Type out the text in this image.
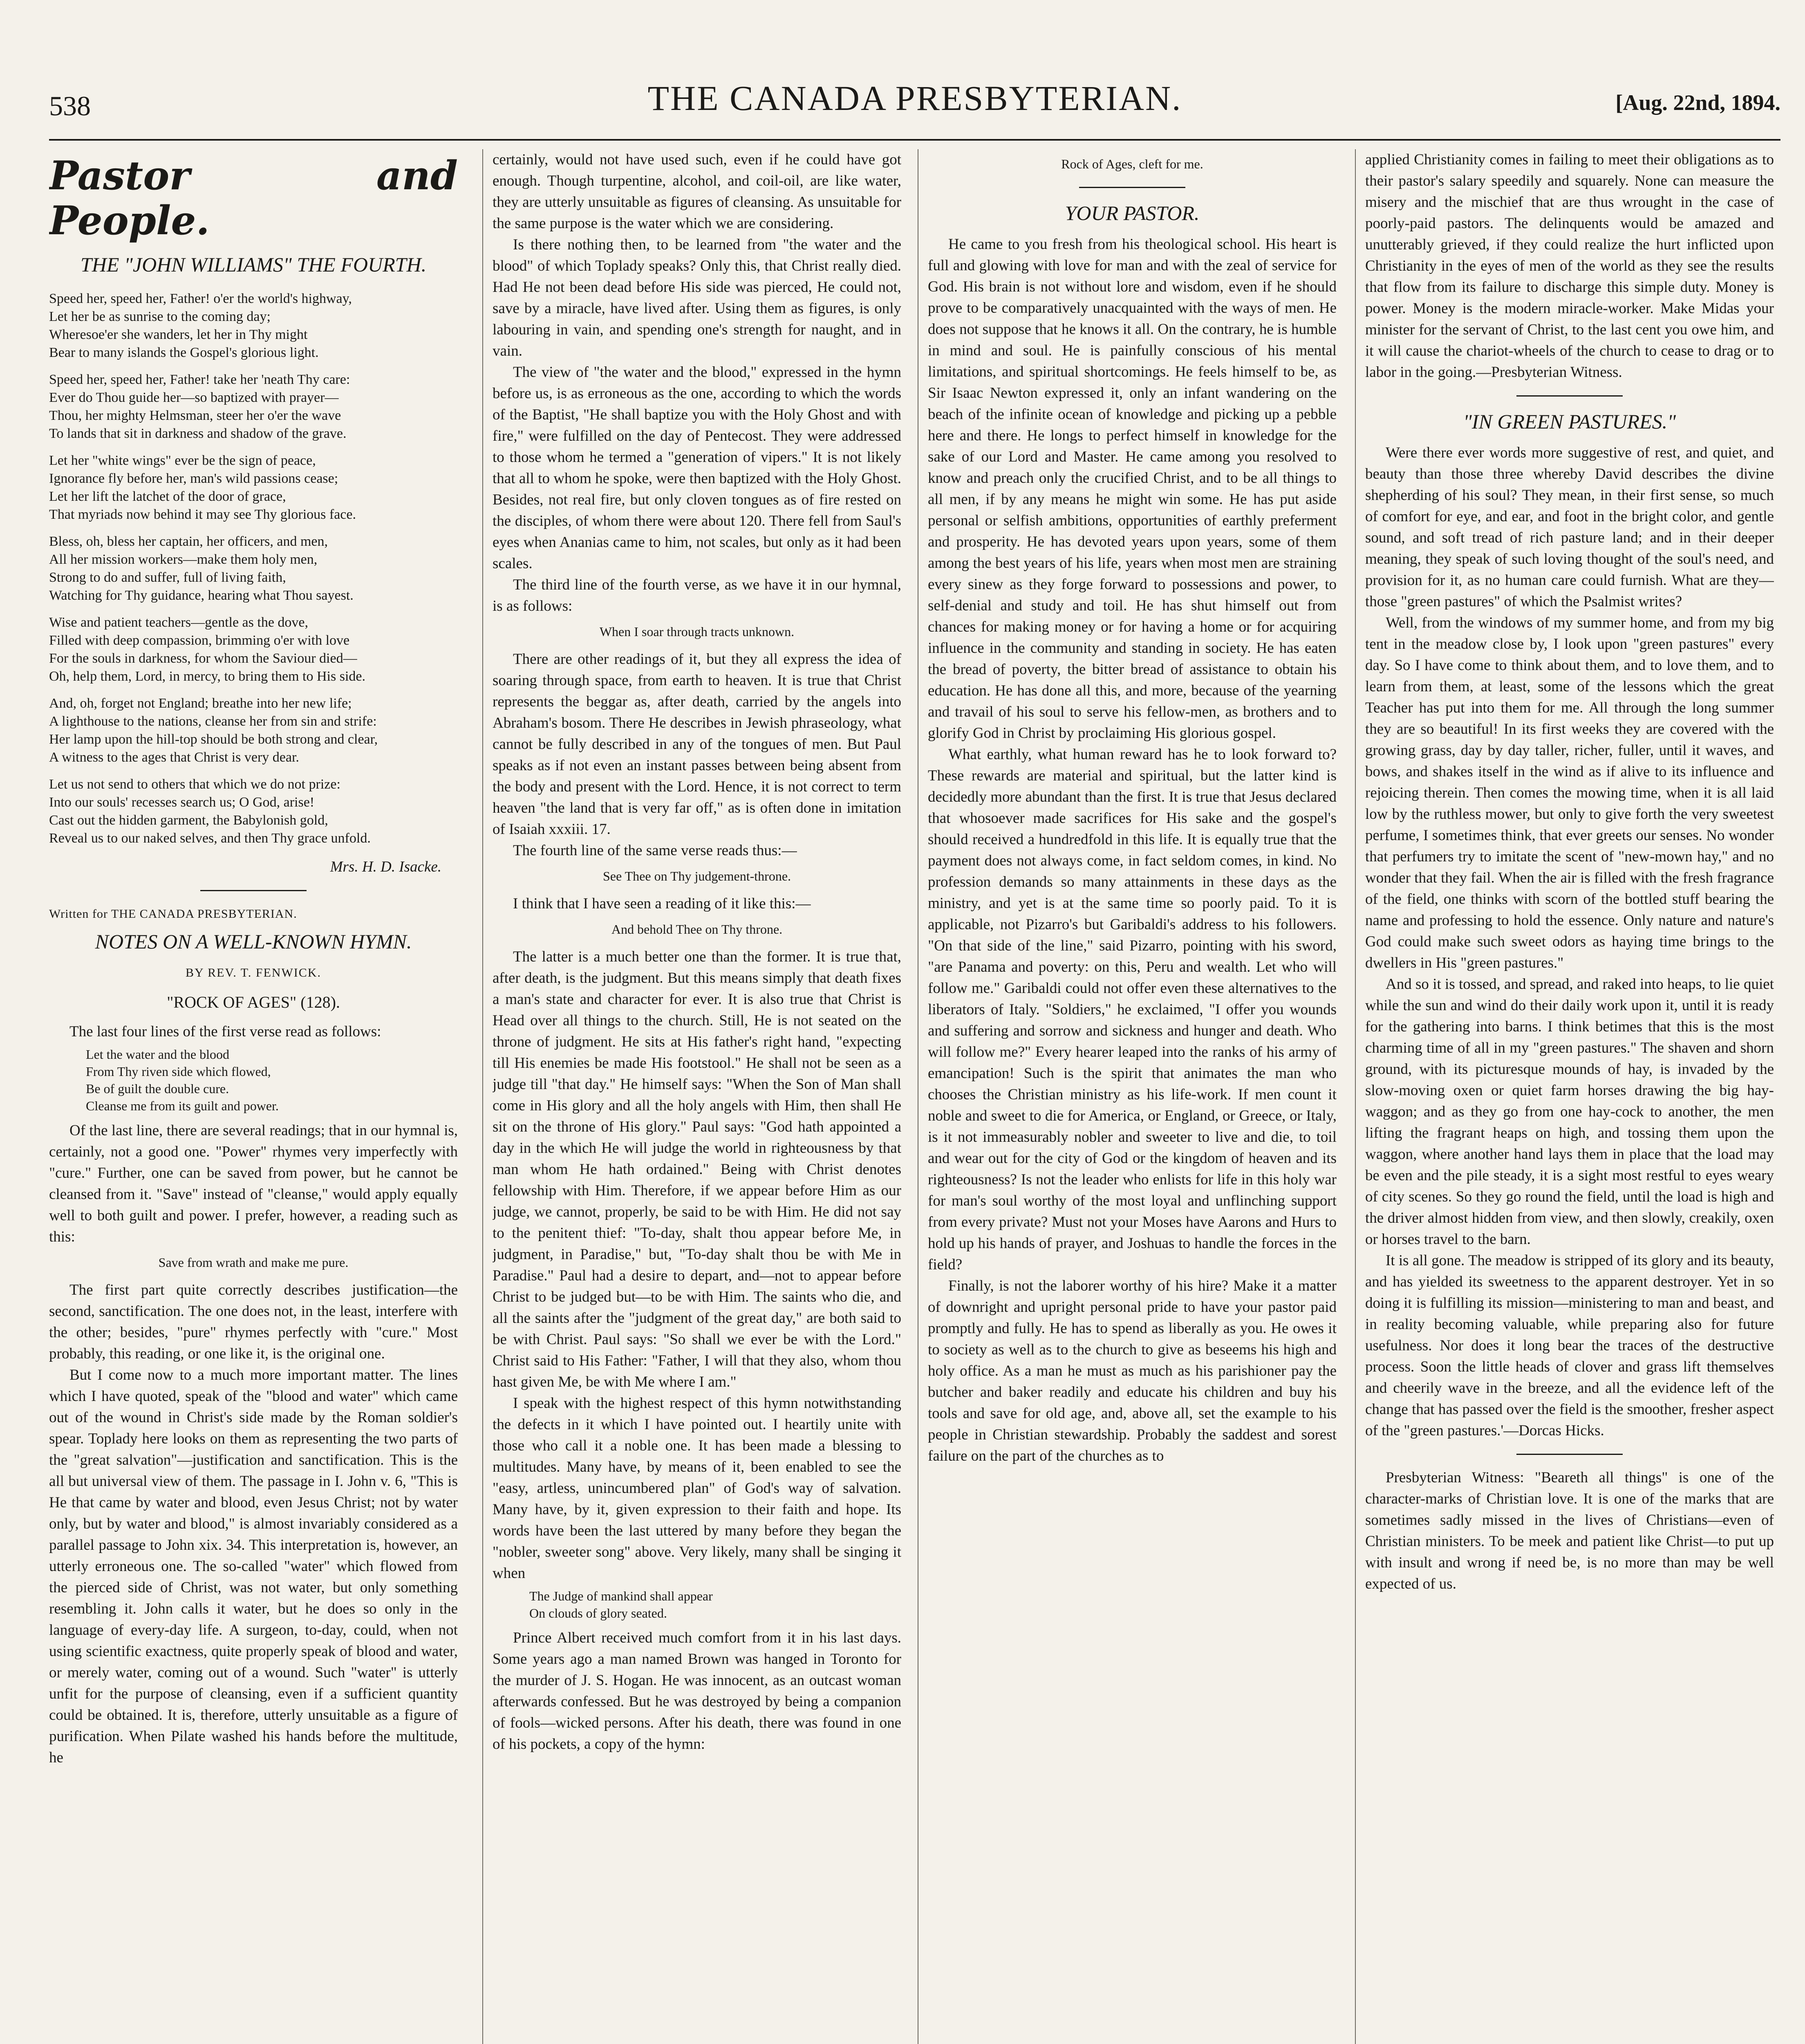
538	THE CANADA PRESBYTERIAN.	[Aug. 22nd, 1894.
Pastor and People.
THE "JOHN WILLIAMS" THE FOURTH.

Speed her, speed her, Father! o'er the world's highway,
Let her be as sunrise to the coming day;
Wheresoe'er she wanders, let her in Thy might
Bear to many islands the Gospel's glorious light.

Speed her, speed her, Father! take her 'neath Thy care:
Ever do Thou guide her—so baptized with prayer—
Thou, her mighty Helmsman, steer her o'er the wave
To lands that sit in darkness and shadow of the grave.

Let her "white wings" ever be the sign of peace,
Ignorance fly before her, man's wild passions cease;
Let her lift the latchet of the door of grace,
That myriads now behind it may see Thy glorious face.

Bless, oh, bless her captain, her officers, and men,
All her mission workers—make them holy men,
Strong to do and suffer, full of living faith,
Watching for Thy guidance, hearing what Thou sayest.

Wise and patient teachers—gentle as the dove,
Filled with deep compassion, brimming o'er with love
For the souls in darkness, for whom the Saviour died—
Oh, help them, Lord, in mercy, to bring them to His side.

And, oh, forget not England; breathe into her new life;
A lighthouse to the nations, cleanse her from sin and strife:
Her lamp upon the hill-top should be both strong and clear,
A witness to the ages that Christ is very dear.

Let us not send to others that which we do not prize:
Into our souls' recesses search us; O God, arise!
Cast out the hidden garment, the Babylonish gold,
Reveal us to our naked selves, and then Thy grace unfold.

Mrs. H. D. Isacke.
Written for THE CANADA PRESBYTERIAN.
NOTES ON A WELL-KNOWN HYMN.
BY REV. T. FENWICK.
"ROCK OF AGES" (128).

The last four lines of the first verse read as follows:

Let the water and the blood
From Thy riven side which flowed,
Be of guilt the double cure.
Cleanse me from its guilt and power.

Of the last line, there are several readings; that in our hymnal is, certainly, not a good one. "Power" rhymes very imperfectly with "cure." Further, one can be saved from power, but he cannot be cleansed from it. "Save" instead of "cleanse," would apply equally well to both guilt and power. I prefer, however, a reading such as this:

Save from wrath and make me pure.

The first part quite correctly describes justification—the second, sanctification. The one does not, in the least, interfere with the other; besides, "pure" rhymes perfectly with "cure." Most probably, this reading, or one like it, is the original one.

But I come now to a much more important matter. The lines which I have quoted, speak of the "blood and water" which came out of the wound in Christ's side made by the Roman soldier's spear. Toplady here looks on them as representing the two parts of the "great salvation"—justification and sanctification. This is the all but universal view of them. The passage in I. John v. 6, "This is He that came by water and blood, even Jesus Christ; not by water only, but by water and blood," is almost invariably considered as a parallel passage to John xix. 34. This interpretation is, however, an utterly erroneous one. The so-called "water" which flowed from the pierced side of Christ, was not water, but only something resembling it. John calls it water, but he does so only in the language of every-day life. A surgeon, to-day, could, when not using scientific exactness, quite properly speak of blood and water, or merely water, coming out of a wound. Such "water" is utterly unfit for the purpose of cleansing, even if a sufficient quantity could be obtained. It is, therefore, utterly unsuitable as a figure of purification. When Pilate washed his hands before the multitude, he

certainly, would not have used such, even if he could have got enough. Though turpentine, alcohol, and coil-oil, are like water, they are utterly unsuitable as figures of cleansing. As unsuitable for the same purpose is the water which we are considering.

Is there nothing then, to be learned from "the water and the blood" of which Toplady speaks? Only this, that Christ really died. Had He not been dead before His side was pierced, He could not, save by a miracle, have lived after. Using them as figures, is only labouring in vain, and spending one's strength for naught, and in vain.

The view of "the water and the blood," expressed in the hymn before us, is as erroneous as the one, according to which the words of the Baptist, "He shall baptize you with the Holy Ghost and with fire," were fulfilled on the day of Pentecost. They were addressed to those whom he termed a "generation of vipers." It is not likely that all to whom he spoke, were then baptized with the Holy Ghost. Besides, not real fire, but only cloven tongues as of fire rested on the disciples, of whom there were about 120. There fell from Saul's eyes when Ananias came to him, not scales, but only as it had been scales.

The third line of the fourth verse, as we have it in our hymnal, is as follows:

When I soar through tracts unknown.

There are other readings of it, but they all express the idea of soaring through space, from earth to heaven. It is true that Christ represents the beggar as, after death, carried by the angels into Abraham's bosom. There He describes in Jewish phraseology, what cannot be fully described in any of the tongues of men. But Paul speaks as if not even an instant passes between being absent from the body and present with the Lord. Hence, it is not correct to term heaven "the land that is very far off," as is often done in imitation of Isaiah xxxiii. 17.

The fourth line of the same verse reads thus:—

See Thee on Thy judgement-throne.

I think that I have seen a reading of it like this:—

And behold Thee on Thy throne.

The latter is a much better one than the former. It is true that, after death, is the judgment. But this means simply that death fixes a man's state and character for ever. It is also true that Christ is Head over all things to the church. Still, He is not seated on the throne of judgment. He sits at His father's right hand, "expecting till His enemies be made His footstool." He shall not be seen as a judge till "that day." He himself says: "When the Son of Man shall come in His glory and all the holy angels with Him, then shall He sit on the throne of His glory." Paul says: "God hath appointed a day in the which He will judge the world in righteousness by that man whom He hath ordained." Being with Christ denotes fellowship with Him. Therefore, if we appear before Him as our judge, we cannot, properly, be said to be with Him. He did not say to the penitent thief: "To-day, shalt thou appear before Me, in judgment, in Paradise," but, "To-day shalt thou be with Me in Paradise." Paul had a desire to depart, and—not to appear before Christ to be judged but—to be with Him. The saints who die, and all the saints after the "judgment of the great day," are both said to be with Christ. Paul says: "So shall we ever be with the Lord." Christ said to His Father: "Father, I will that they also, whom thou hast given Me, be with Me where I am."

I speak with the highest respect of this hymn notwithstanding the defects in it which I have pointed out. I heartily unite with those who call it a noble one. It has been made a blessing to multitudes. Many have, by means of it, been enabled to see the "easy, artless, unincumbered plan" of God's way of salvation. Many have, by it, given expression to their faith and hope. Its words have been the last uttered by many before they began the "nobler, sweeter song" above. Very likely, many shall be singing it when

The Judge of mankind shall appear
On clouds of glory seated.

Prince Albert received much comfort from it in his last days. Some years ago a man named Brown was hanged in Toronto for the murder of J. S. Hogan. He was innocent, as an outcast woman afterwards confessed. But he was destroyed by being a companion of fools—wicked persons. After his death, there was found in one of his pockets, a copy of the hymn:

Rock of Ages, cleft for me.
YOUR PASTOR.

He came to you fresh from his theological school. His heart is full and glowing with love for man and with the zeal of service for God. His brain is not without lore and wisdom, even if he should prove to be comparatively unacquainted with the ways of men. He does not suppose that he knows it all. On the contrary, he is humble in mind and soul. He is painfully conscious of his mental limitations, and spiritual shortcomings. He feels himself to be, as Sir Isaac Newton expressed it, only an infant wandering on the beach of the infinite ocean of knowledge and picking up a pebble here and there. He longs to perfect himself in knowledge for the sake of our Lord and Master. He came among you resolved to know and preach only the crucified Christ, and to be all things to all men, if by any means he might win some. He has put aside personal or selfish ambitions, opportunities of earthly preferment and prosperity. He has devoted years upon years, some of them among the best years of his life, years when most men are straining every sinew as they forge forward to possessions and power, to self-denial and study and toil. He has shut himself out from chances for making money or for having a home or for acquiring influence in the community and standing in society. He has eaten the bread of poverty, the bitter bread of assistance to obtain his education. He has done all this, and more, because of the yearning and travail of his soul to serve his fellow-men, as brothers and to glorify God in Christ by proclaiming His glorious gospel.

What earthly, what human reward has he to look forward to? These rewards are material and spiritual, but the latter kind is decidedly more abundant than the first. It is true that Jesus declared that whosoever made sacrifices for His sake and the gospel's should received a hundredfold in this life. It is equally true that the payment does not always come, in fact seldom comes, in kind. No profession demands so many attainments in these days as the ministry, and yet is at the same time so poorly paid. To it is applicable, not Pizarro's but Garibaldi's address to his followers. "On that side of the line," said Pizarro, pointing with his sword, "are Panama and poverty: on this, Peru and wealth. Let who will follow me." Garibaldi could not offer even these alternatives to the liberators of Italy. "Soldiers," he exclaimed, "I offer you wounds and suffering and sorrow and sickness and hunger and death. Who will follow me?" Every hearer leaped into the ranks of his army of emancipation! Such is the spirit that animates the man who chooses the Christian ministry as his life-work. If men count it noble and sweet to die for America, or England, or Greece, or Italy, is it not immeasurably nobler and sweeter to live and die, to toil and wear out for the city of God or the kingdom of heaven and its righteousness? Is not the leader who enlists for life in this holy war for man's soul worthy of the most loyal and unflinching support from every private? Must not your Moses have Aarons and Hurs to hold up his hands of prayer, and Joshuas to handle the forces in the field?

Finally, is not the laborer worthy of his hire? Make it a matter of downright and upright personal pride to have your pastor paid promptly and fully. He has to spend as liberally as you. He owes it to society as well as to the church to give as beseems his high and holy office. As a man he must as much as his parishioner pay the butcher and baker readily and educate his children and buy his tools and save for old age, and, above all, set the example to his people in Christian stewardship. Probably the saddest and sorest failure on the part of the churches as to

applied Christianity comes in failing to meet their obligations as to their pastor's salary speedily and squarely. None can measure the misery and the mischief that are thus wrought in the case of poorly-paid pastors. The delinquents would be amazed and unutterably grieved, if they could realize the hurt inflicted upon Christianity in the eyes of men of the world as they see the results that flow from its failure to discharge this simple duty. Money is power. Money is the modern miracle-worker. Make Midas your minister for the servant of Christ, to the last cent you owe him, and it will cause the chariot-wheels of the church to cease to drag or to labor in the going.—Presbyterian Witness.

"IN GREEN PASTURES."

Were there ever words more suggestive of rest, and quiet, and beauty than those three whereby David describes the divine shepherding of his soul? They mean, in their first sense, so much of comfort for eye, and ear, and foot in the bright color, and gentle sound, and soft tread of rich pasture land; and in their deeper meaning, they speak of such loving thought of the soul's need, and provision for it, as no human care could furnish. What are they—those "green pastures" of which the Psalmist writes?

Well, from the windows of my summer home, and from my big tent in the meadow close by, I look upon "green pastures" every day. So I have come to think about them, and to love them, and to learn from them, at least, some of the lessons which the great Teacher has put into them for me. All through the long summer they are so beautiful! In its first weeks they are covered with the growing grass, day by day taller, richer, fuller, until it waves, and bows, and shakes itself in the wind as if alive to its influence and rejoicing therein. Then comes the mowing time, when it is all laid low by the ruthless mower, but only to give forth the very sweetest perfume, I sometimes think, that ever greets our senses. No wonder that perfumers try to imitate the scent of "new-mown hay," and no wonder that they fail. When the air is filled with the fresh fragrance of the field, one thinks with scorn of the bottled stuff bearing the name and professing to hold the essence. Only nature and nature's God could make such sweet odors as haying time brings to the dwellers in His "green pastures."

And so it is tossed, and spread, and raked into heaps, to lie quiet while the sun and wind do their daily work upon it, until it is ready for the gathering into barns. I think betimes that this is the most charming time of all in my "green pastures." The shaven and shorn ground, with its picturesque mounds of hay, is invaded by the slow-moving oxen or quiet farm horses drawing the big hay-waggon; and as they go from one hay-cock to another, the men lifting the fragrant heaps on high, and tossing them upon the waggon, where another hand lays them in place that the load may be even and the pile steady, it is a sight most restful to eyes weary of city scenes. So they go round the field, until the load is high and the driver almost hidden from view, and then slowly, creakily, oxen or horses travel to the barn.

It is all gone. The meadow is stripped of its glory and its beauty, and has yielded its sweetness to the apparent destroyer. Yet in so doing it is fulfilling its mission—ministering to man and beast, and in reality becoming valuable, while preparing also for future usefulness. Nor does it long bear the traces of the destructive process. Soon the little heads of clover and grass lift themselves and cheerily wave in the breeze, and all the evidence left of the change that has passed over the field is the smoother, fresher aspect of the "green pastures.'—Dorcas Hicks.

Presbyterian Witness: "Beareth all things" is one of the character-marks of Christian love. It is one of the marks that are sometimes sadly missed in the lives of Christians—even of Christian ministers. To be meek and patient like Christ—to put up with insult and wrong if need be, is no more than may be well expected of us.
